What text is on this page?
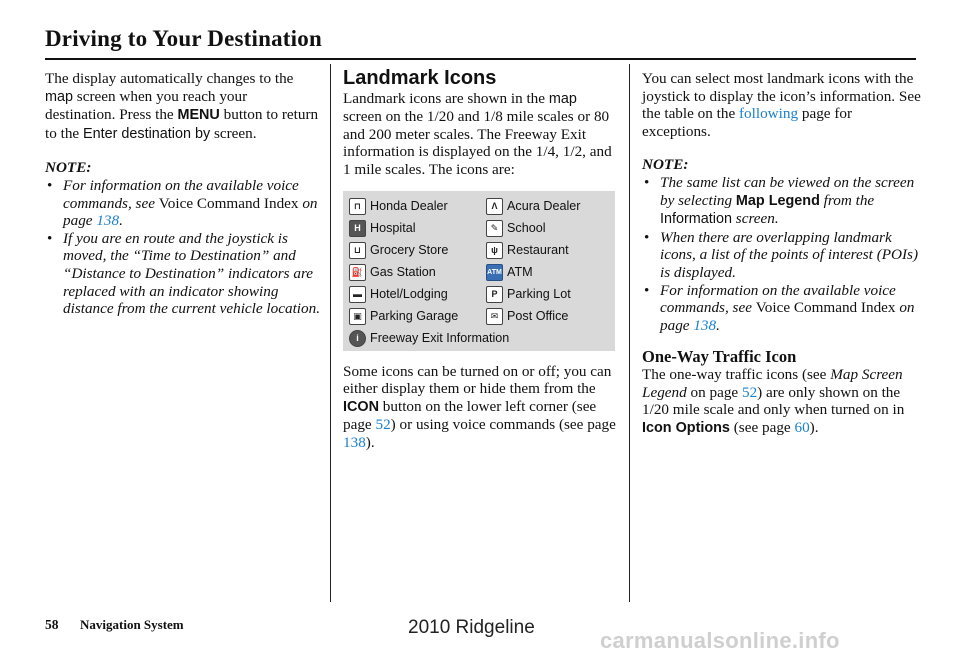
Driving to Your Destination

The display automatically changes to the map screen when you reach your destination. Press the MENU button to return to the Enter destination by screen.

NOTE:

• For information on the available voice commands, see Voice Command Index on page 138.
• If you are en route and the joystick is moved, the “Time to Destination” and “Distance to Destination” indicators are replaced with an indicator showing distance from the current vehicle location.

Landmark Icons

Landmark icons are shown in the map screen on the 1/20 and 1/8 mile scales or 80 and 200 meter scales. The Freeway Exit information is displayed on the 1/4, 1/2, and 1 mile scales. The icons are:

⊓ Honda Dealer	Λ Acura Dealer
H Hospital	✎ School
⊔ Grocery Store	ψ Restaurant
⛽ Gas Station	ATM ATM
▬ Hotel/Lodging	P Parking Lot
▣ Parking Garage	✉ Post Office
i Freeway Exit Information

Some icons can be turned on or off; you can either display them or hide them from the ICON button on the lower left corner (see page 52) or using voice commands (see page 138).

You can select most landmark icons with the joystick to display the icon’s information. See the table on the following page for exceptions.

NOTE:

• The same list can be viewed on the screen by selecting Map Legend from the Information screen.
• When there are overlapping landmark icons, a list of the points of interest (POIs) is displayed.
• For information on the available voice commands, see Voice Command Index on page 138.

One-Way Traffic Icon

The one-way traffic icons (see Map Screen Legend on page 52) are only shown on the 1/20 mile scale and only when turned on in Icon Options (see page 60).

58 Navigation System	2010 Ridgeline
carmanualsonline.info
